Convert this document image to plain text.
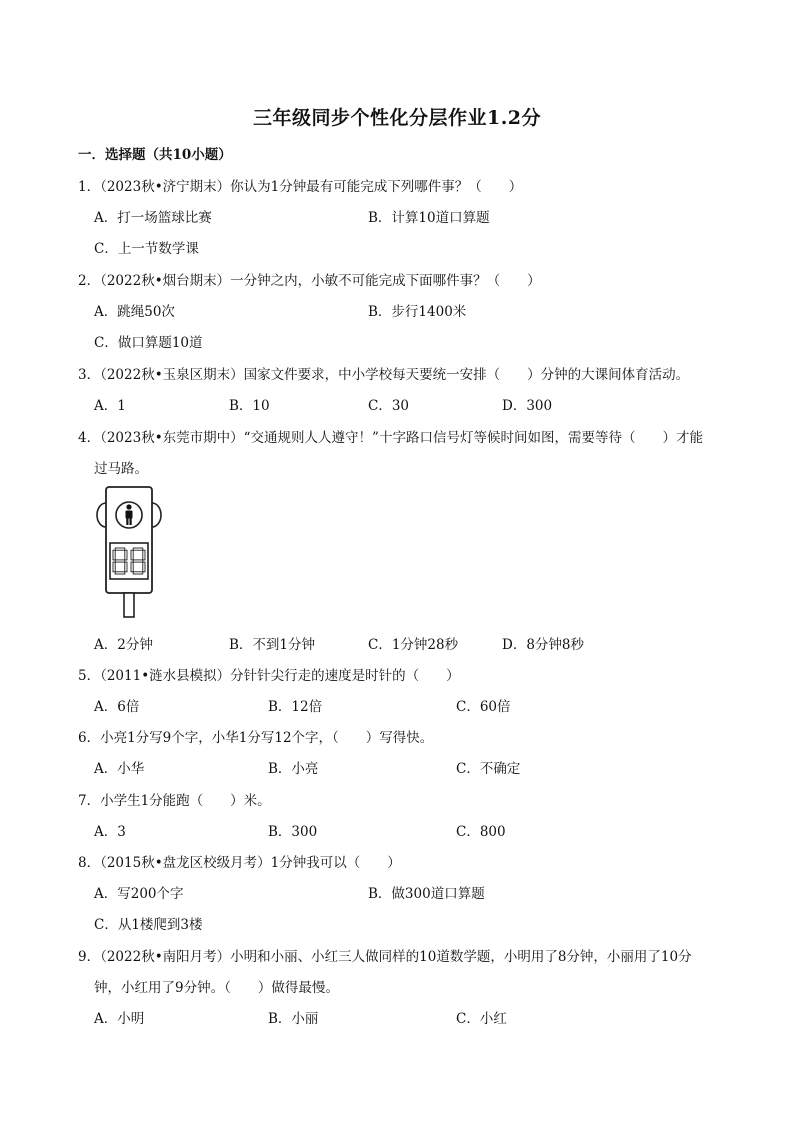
三年级同步个性化分层作业1.2分
一．选择题（共10小题）
1．（2023秋•济宁期末）你认为1分钟最有可能完成下列哪件事？（　　）
A．打一场篮球比赛	B．计算10道口算题
C．上一节数学课
2．（2022秋•烟台期末）一分钟之内，小敏不可能完成下面哪件事？（　　）
A．跳绳50次	B．步行1400米
C．做口算题10道
3．（2022秋•玉泉区期末）国家文件要求，中小学校每天要统一安排（　　）分钟的大课间体育活动。
A．1	B．10	C．30	D．300
4．（2023秋•东莞市期中）“交通规则人人遵守！”十字路口信号灯等候时间如图，需要等待（　　）才能
过马路。
A．2分钟	B．不到1分钟	C．1分钟28秒	D．8分钟8秒
5．（2011•涟水县模拟）分针针尖行走的速度是时针的（　　）
A．6倍	B．12倍	C．60倍
6．小亮1分写9个字，小华1分写12个字，（　　）写得快。
A．小华	B．小亮	C．不确定
7．小学生1分能跑（　　）米。
A．3	B．300	C．800
8．（2015秋•盘龙区校级月考）1分钟我可以（　　）
A．写200个字	B．做300道口算题
C．从1楼爬到3楼
9．（2022秋•南阳月考）小明和小丽、小红三人做同样的10道数学题，小明用了8分钟，小丽用了10分
钟，小红用了9分钟。（　　）做得最慢。
A．小明	B．小丽	C．小红
